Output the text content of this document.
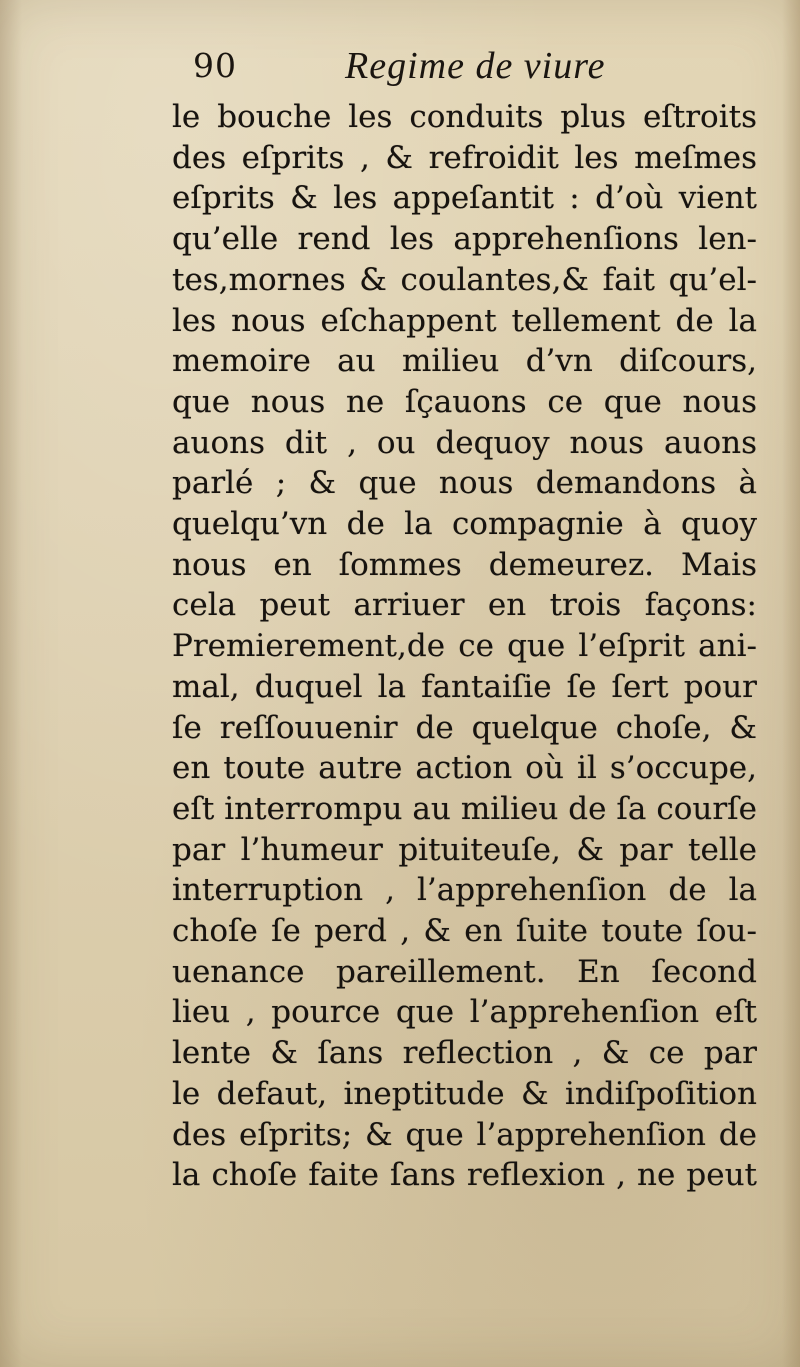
90	Regime de viure
le bouche les conduits plus eſtroits
des eſprits , & refroidit les meſmes
eſprits & les appeſantit : d’où vient
qu’elle rend les apprehenſions len-
tes,mornes & coulantes,& fait qu’el-
les nous eſchappent tellement de la
memoire au milieu d’vn diſcours,
que nous ne ſçauons ce que nous
auons dit , ou dequoy nous auons
parlé ; & que nous demandons à
quelqu’vn de la compagnie à quoy
nous en ſommes demeurez. Mais
cela peut arriuer en trois façons:
Premierement,de ce que l’eſprit ani-
mal, duquel la fantaiſie ſe ſert pour
ſe reſſouuenir de quelque choſe, &
en toute autre action où il s’occupe,
eſt interrompu au milieu de ſa courſe
par l’humeur pituiteuſe, & par telle
interruption , l’apprehenſion de la
choſe ſe perd , & en ſuite toute ſou-
uenance pareillement. En ſecond
lieu , pource que l’apprehenſion eſt
lente & ſans reflection , & ce par
le defaut, ineptitude & indiſpoſition
des eſprits; & que l’apprehenſion de
la choſe faite ſans reflexion , ne peut
